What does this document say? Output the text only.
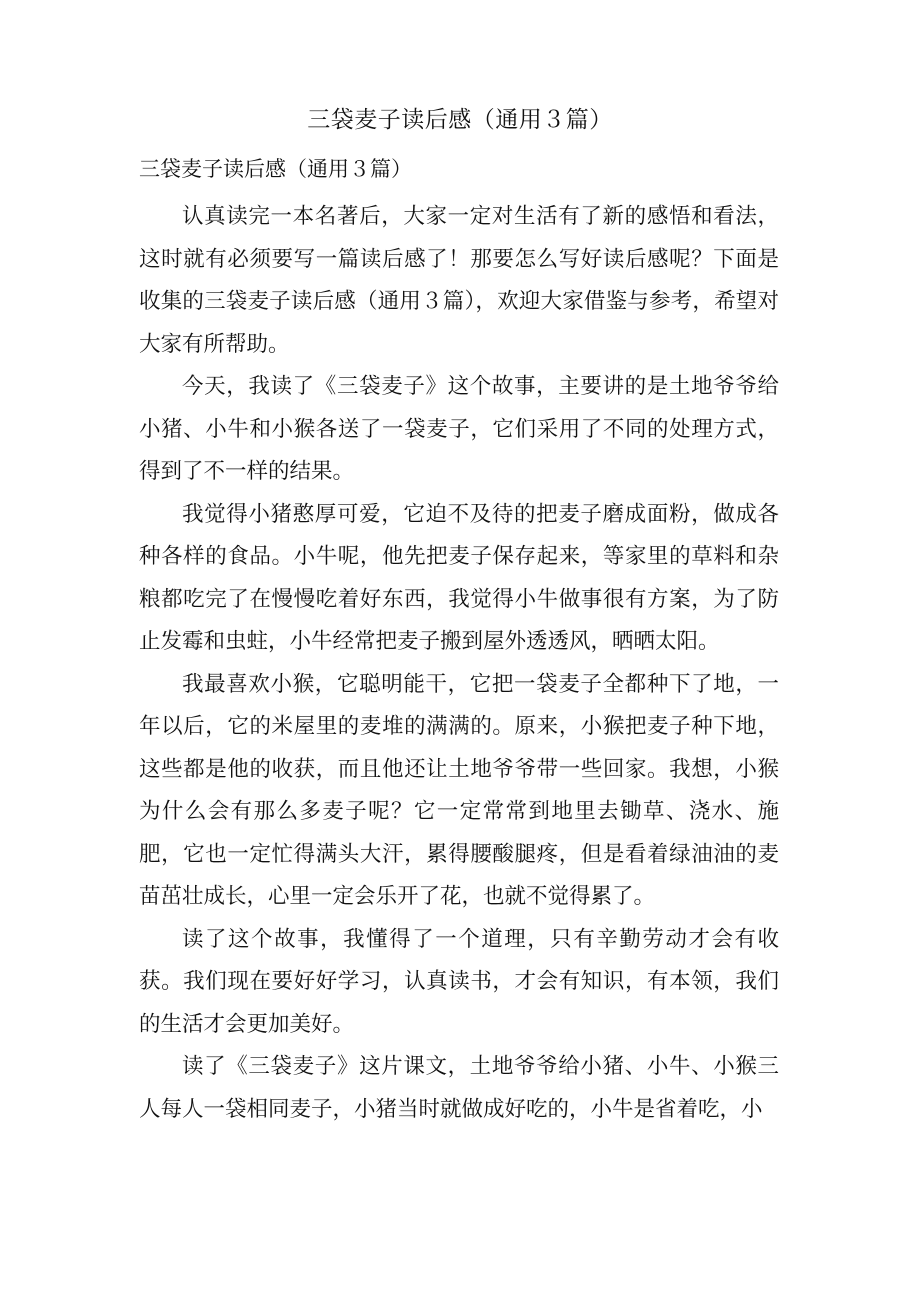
三袋麦子读后感（通用３篇）
三袋麦子读后感（通用３篇）

认真读完一本名著后，大家一定对生活有了新的感悟和看法，这时就有必须要写一篇读后感了！那要怎么写好读后感呢？下面是收集的三袋麦子读后感（通用３篇），欢迎大家借鉴与参考，希望对大家有所帮助。

今天，我读了《三袋麦子》这个故事，主要讲的是土地爷爷给小猪、小牛和小猴各送了一袋麦子，它们采用了不同的处理方式，得到了不一样的结果。

我觉得小猪憨厚可爱，它迫不及待的把麦子磨成面粉，做成各种各样的食品。小牛呢，他先把麦子保存起来，等家里的草料和杂粮都吃完了在慢慢吃着好东西，我觉得小牛做事很有方案，为了防止发霉和虫蛀，小牛经常把麦子搬到屋外透透风，晒晒太阳。

我最喜欢小猴，它聪明能干，它把一袋麦子全都种下了地，一年以后，它的米屋里的麦堆的满满的。原来，小猴把麦子种下地，这些都是他的收获，而且他还让土地爷爷带一些回家。我想，小猴为什么会有那么多麦子呢？它一定常常到地里去锄草、浇水、施肥，它也一定忙得满头大汗，累得腰酸腿疼，但是看着绿油油的麦苗茁壮成长，心里一定会乐开了花，也就不觉得累了。

读了这个故事，我懂得了一个道理，只有辛勤劳动才会有收获。我们现在要好好学习，认真读书，才会有知识，有本领，我们的生活才会更加美好。

读了《三袋麦子》这片课文，土地爷爷给小猪、小牛、小猴三人每人一袋相同麦子，小猪当时就做成好吃的，小牛是省着吃，小
